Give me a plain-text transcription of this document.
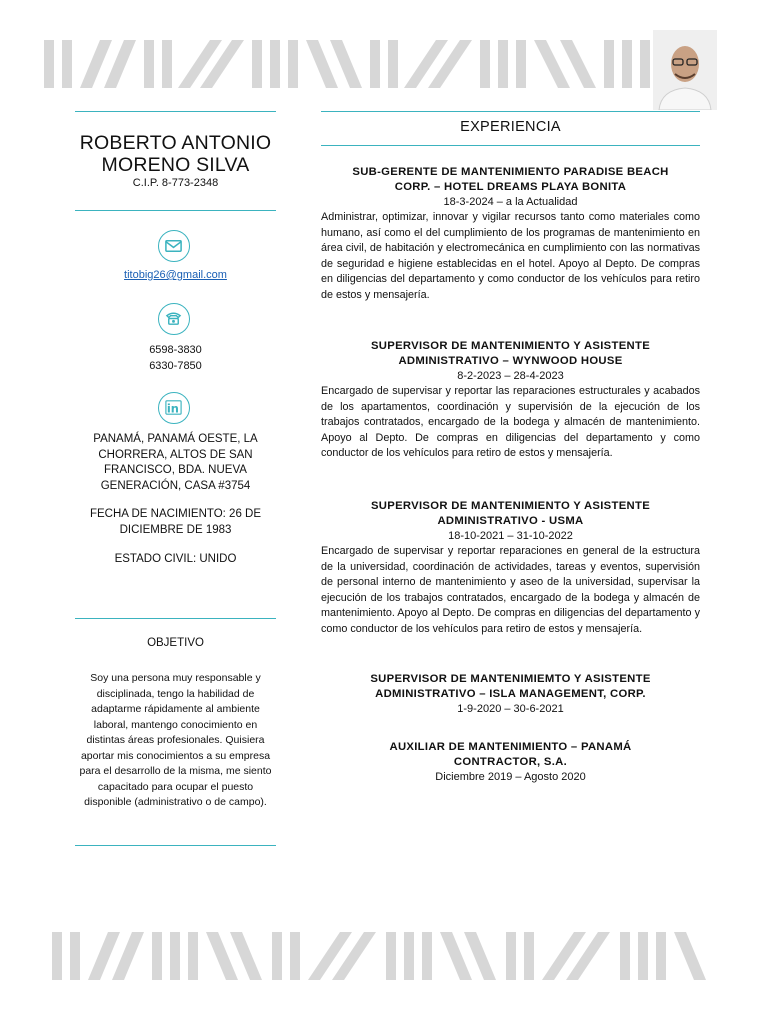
ROBERTO ANTONIO MORENO SILVA
C.I.P. 8-773-2348
titobig26@gmail.com
6598-3830
6330-7850
in
PANAMÁ, PANAMÁ OESTE, LA CHORRERA, ALTOS DE SAN FRANCISCO, BDA. NUEVA GENERACIÓN, CASA #3754
FECHA DE NACIMIENTO: 26 DE DICIEMBRE DE 1983
ESTADO CIVIL: UNIDO
OBJETIVO
Soy una persona muy responsable y disciplinada, tengo la habilidad de adaptarme rápidamente al ambiente laboral, mantengo conocimiento en distintas áreas profesionales. Quisiera aportar mis conocimientos a su empresa para el desarrollo de la misma, me siento capacitado para ocupar el puesto disponible (administrativo o de campo).
EXPERIENCIA
SUB-GERENTE DE MANTENIMIENTO PARADISE BEACH CORP. – HOTEL DREAMS PLAYA BONITA
18-3-2024 – a la Actualidad

Administrar, optimizar, innovar y vigilar recursos tanto como materiales como humano, así como el del cumplimiento de los programas de mantenimiento en área civil, de habitación y electromecánica en cumplimiento con las normativas de seguridad e higiene establecidas en el hotel. Apoyo al Depto. De compras en diligencias del departamento y como conductor de los vehículos para retiro de estos y mensajería.

SUPERVISOR DE MANTENIMIENTO Y ASISTENTE ADMINISTRATIVO – WYNWOOD HOUSE
8-2-2023 – 28-4-2023

Encargado de supervisar y reportar las reparaciones estructurales y acabados de los apartamentos, coordinación y supervisión de la ejecución de los trabajos contratados, encargado de la bodega y almacén de mantenimiento. Apoyo al Depto. De compras en diligencias del departamento y como conductor de los vehículos para retiro de estos y mensajería.

SUPERVISOR DE MANTENIMIENTO Y ASISTENTE ADMINISTRATIVO - USMA
18-10-2021 – 31-10-2022

Encargado de supervisar y reportar reparaciones en general de la estructura de la universidad, coordinación de actividades, tareas y eventos, supervisión de personal interno de mantenimiento y aseo de la universidad, supervisar la ejecución de los trabajos contratados, encargado de la bodega y almacén de mantenimiento. Apoyo al Depto. De compras en diligencias del departamento y como conductor de los vehículos para retiro de estos y mensajería.

SUPERVISOR DE MANTENIMIEMTO Y ASISTENTE ADMINISTRATIVO – ISLA MANAGEMENT, CORP.
1-9-2020 – 30-6-2021
AUXILIAR DE MANTENIMIENTO – PANAMÁ CONTRACTOR, S.A.
Diciembre 2019 – Agosto 2020
